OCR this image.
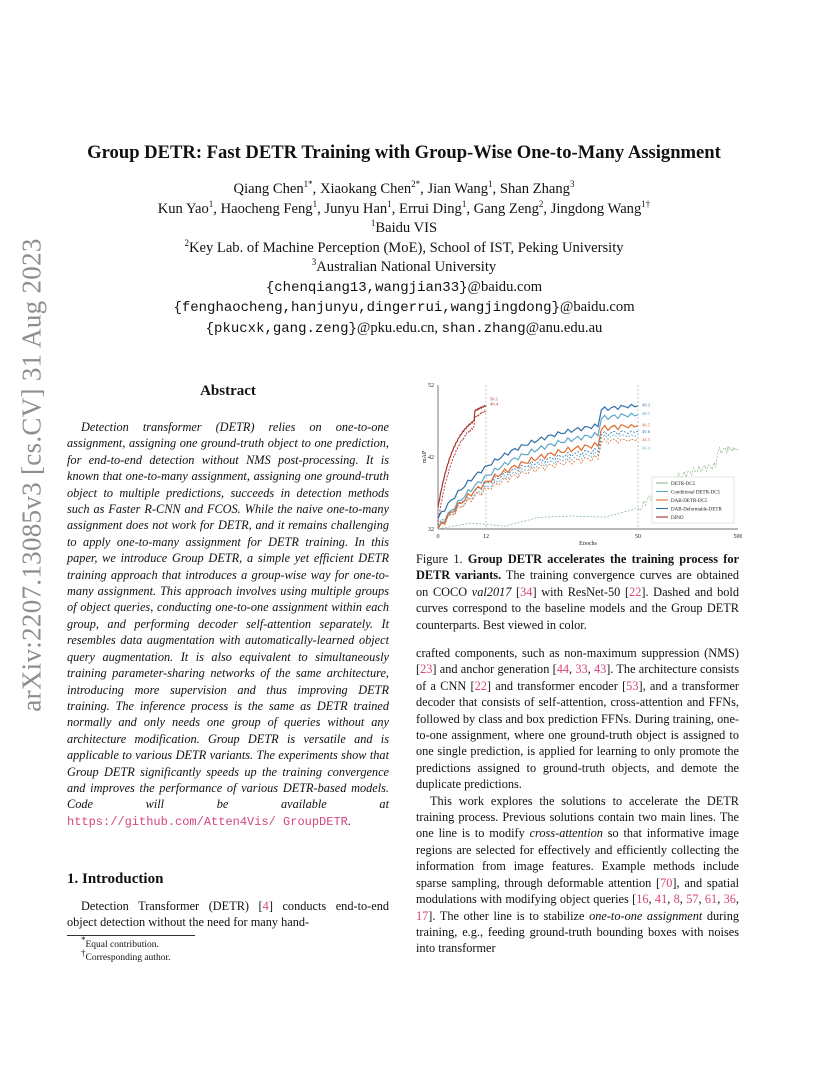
arXiv:2207.13085v3 [cs.CV] 31 Aug 2023
Group DETR: Fast DETR Training with Group-Wise One-to-Many Assignment
Qiang Chen$^{1*}$, Xiaokang Chen$^{2*}$, Jian Wang$^1$, Shan Zhang$^3$
Kun Yao$^1$, Haocheng Feng$^1$, Junyu Han$^1$, Errui Ding$^1$, Gang Zeng$^2$, Jingdong Wang$^{1\dagger}$
$^1$Baidu VIS
$^2$Key Lab. of Machine Perception (MoE), School of IST, Peking University
$^3$Australian National University
{chenqiang13,wangjian33}@baidu.com
{fenghaocheng,hanjunyu,dingerrui,wangjingdong}@baidu.com
{pkucxk,gang.zeng}@pku.edu.cn, shan.zhang@anu.edu.au
Abstract
Detection transformer (DETR) relies on one-to-one assignment, assigning one ground-truth object to one prediction, for end-to-end detection without NMS post-processing. It is known that one-to-many assignment, assigning one ground-truth object to multiple predictions, succeeds in detection methods such as Faster R-CNN and FCOS. While the naive one-to-many assignment does not work for DETR, and it remains challenging to apply one-to-many assignment for DETR training. In this paper, we introduce Group DETR, a simple yet efficient DETR training approach that introduces a group-wise way for one-to-many assignment. This approach involves using multiple groups of object queries, conducting one-to-one assignment within each group, and performing decoder self-attention separately. It resembles data augmentation with automatically-learned object query augmentation. It is also equivalent to simultaneously training parameter-sharing networks of the same architecture, introducing more supervision and thus improving DETR training. The inference process is the same as DETR trained normally and only needs one group of queries without any architecture modification. Group DETR is versatile and is applicable to various DETR variants. The experiments show that Group DETR significantly speeds up the training convergence and improves the performance of various DETR-based models. Code will be available at https://github.com/Atten4Vis/ GroupDETR.
1. Introduction
Detection Transformer (DETR) [4] conducts end-to-end object detection without the need for many hand-
*Equal contribution.
†Corresponding author.
0	12	50	500
32
42
52
Epochs
mAP
50.1
49.4	49.3
48.1
46.5
45.6
44.5
43.3	43.3
DETR-DC5
Conditional DETR-DC5
DAB-DETR-DC5
DAB-Deformable-DETR
DINO
Figure 1. Group DETR accelerates the training process for DETR variants. The training convergence curves are obtained on COCO val2017 [34] with ResNet-50 [22]. Dashed and bold curves correspond to the baseline models and the Group DETR counterparts. Best viewed in color.

crafted components, such as non-maximum suppression (NMS) [23] and anchor generation [44, 33, 43]. The architecture consists of a CNN [22] and transformer encoder [53], and a transformer decoder that consists of self-attention, cross-attention and FFNs, followed by class and box prediction FFNs. During training, one-to-one assignment, where one ground-truth object is assigned to one single prediction, is applied for learning to only promote the predictions assigned to ground-truth objects, and demote the duplicate predictions.

This work explores the solutions to accelerate the DETR training process. Previous solutions contain two main lines. The one line is to modify cross-attention so that informative image regions are selected for effectively and efficiently collecting the information from image features. Example methods include sparse sampling, through deformable attention [70], and spatial modulations with modifying object queries [16, 41, 8, 57, 61, 36, 17]. The other line is to stabilize one-to-one assignment during training, e.g., feeding ground-truth bounding boxes with noises into transformer
